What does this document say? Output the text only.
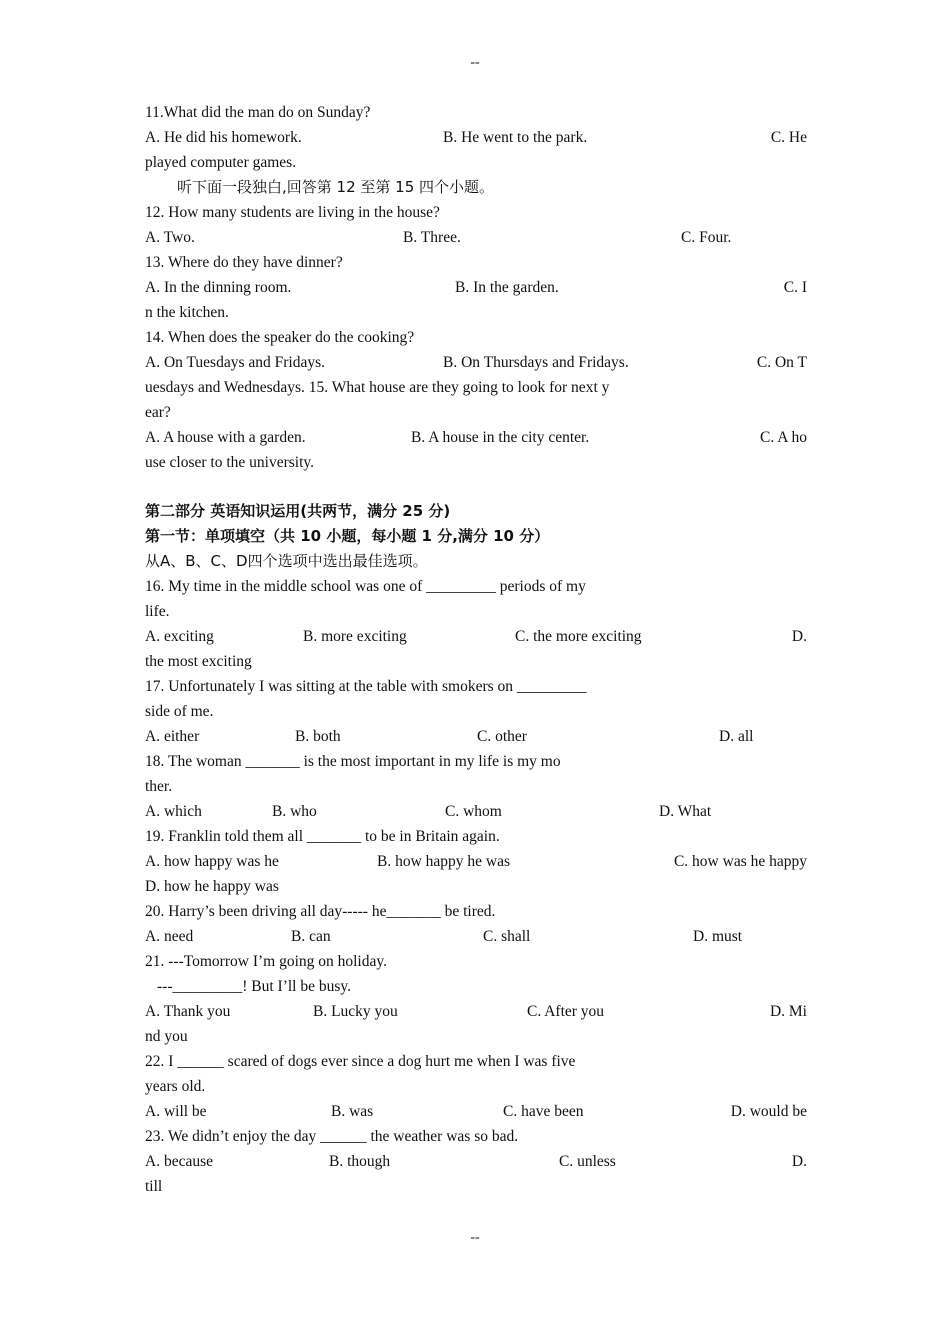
--
11.What did the man do on Sunday?
A. He did his homework.	B. He went to the park.	C. He
played computer games.
听下面一段独白,回答第 12 至第 15 四个小题。
12. How many students are living in the house?
A. Two.	B. Three.	C. Four.
13. Where do they have dinner?
A. In the dinning room.	B. In the garden.	C. I
n the kitchen.
14. When does the speaker do the cooking?
A. On Tuesdays and Fridays.	B. On Thursdays and Fridays.	C. On T
uesdays and Wednesdays. 15. What house are they going to look for next y
ear?
A. A house with a garden.	B. A house in the city center.	C. A ho
use closer to the university.
第二部分 英语知识运用(共两节，满分 25 分)
第一节：单项填空（共 10 小题，每小题 1 分,满分 10 分）
从A、B、C、D四个选项中选出最佳选项。
16. My time in the middle school was one of _________ periods of my
life.
A. exciting	B. more exciting	C. the more exciting	D.
the most exciting
17. Unfortunately I was sitting at the table with smokers on _________
side of me.
A. either	B. both	C. other	D. all
18. The woman _______ is the most important in my life is my mo
ther.
A. which	B. who	C. whom	D. What
19. Franklin told them all _______ to be in Britain again.
A. how happy was he	B. how happy he was	C. how was he happy
D. how he happy was
20. Harry’s been driving all day----- he_______ be tired.
A. need	B. can	C. shall	D. must
21. ---Tomorrow I’m going on holiday.
---_________! But I’ll be busy.
A. Thank you	B. Lucky you	C. After you	D. Mi
nd you
22. I ______ scared of dogs ever since a dog hurt me when I was five
years old.
A. will be	B. was	C. have been	D. would be
23. We didn’t enjoy the day ______ the weather was so bad.
A. because	B. though	C. unless	D.
till
--
